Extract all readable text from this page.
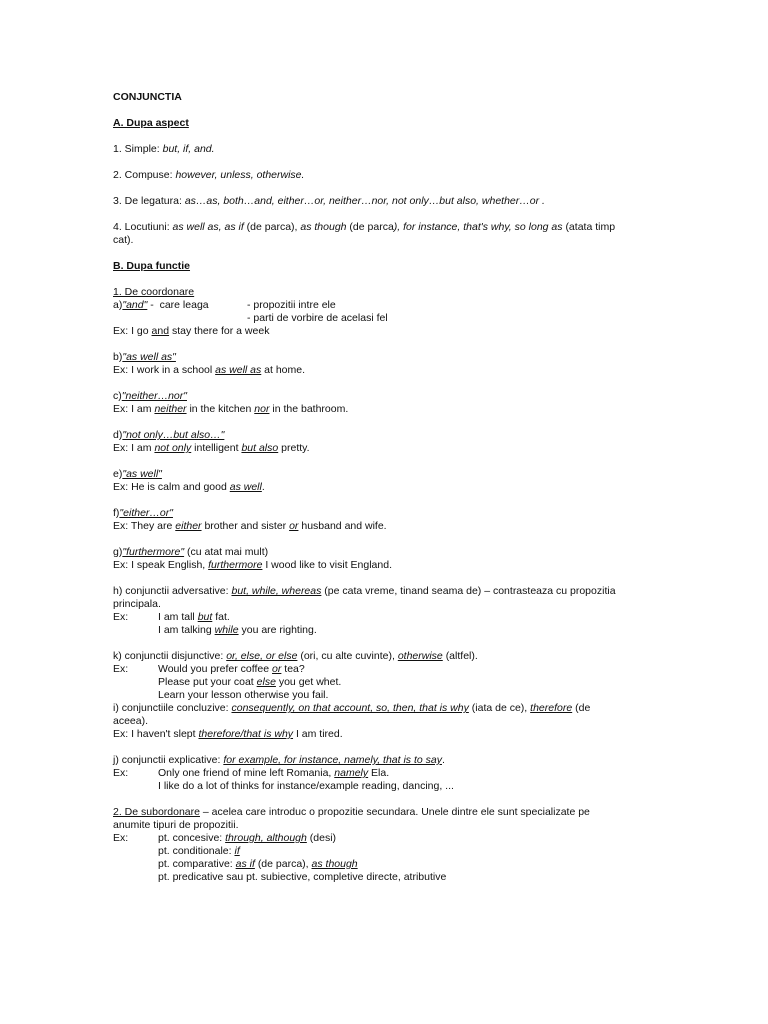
CONJUNCTIA
A. Dupa aspect
1. Simple: but, if, and.
2. Compuse: however, unless, otherwise.
3. De legatura: as…as, both…and, either…or, neither…nor, not only…but also, whether…or .
4. Locutiuni: as well as, as if (de parca), as though (de parca), for instance, that's why, so long as (atata timp
cat).
B. Dupa functie
1. De coordonare
a)"and" - care leaga	- propozitii intre ele
- parti de vorbire de acelasi fel
Ex: I go and stay there for a week
b)"as well as"
Ex: I work in a school as well as at home.
c)"neither…nor"
Ex: I am neither in the kitchen nor in the bathroom.
d)"not only…but also…"
Ex: I am not only intelligent but also pretty.
e)"as well"
Ex: He is calm and good as well.
f)"either…or"
Ex: They are either brother and sister or husband and wife.
g)"furthermore" (cu atat mai mult)
Ex: I speak English, furthermore I wood like to visit England.
h) conjunctii adversative: but, while, whereas (pe cata vreme, tinand seama de) – contrasteaza cu propozitia
principala.
Ex:	I am tall but fat.
I am talking while you are righting.
k) conjunctii disjunctive: or, else, or else (ori, cu alte cuvinte), otherwise (altfel).
Ex:	Would you prefer coffee or tea?
Please put your coat else you get whet.
Learn your lesson otherwise you fail.
i) conjunctiile concluzive: consequently, on that account, so, then, that is why (iata de ce), therefore (de
aceea).
Ex: I haven't slept therefore/that is why I am tired.
j) conjunctii explicative: for example, for instance, namely, that is to say.
Ex:	Only one friend of mine left Romania, namely Ela.
I like do a lot of thinks for instance/example reading, dancing, ...
2. De subordonare – acelea care introduc o propozitie secundara. Unele dintre ele sunt specializate pe
anumite tipuri de propozitii.
Ex:	pt. concesive: through, although (desi)
pt. conditionale: if
pt. comparative: as if (de parca), as though
pt. predicative sau pt. subiective, completive directe, atributive
